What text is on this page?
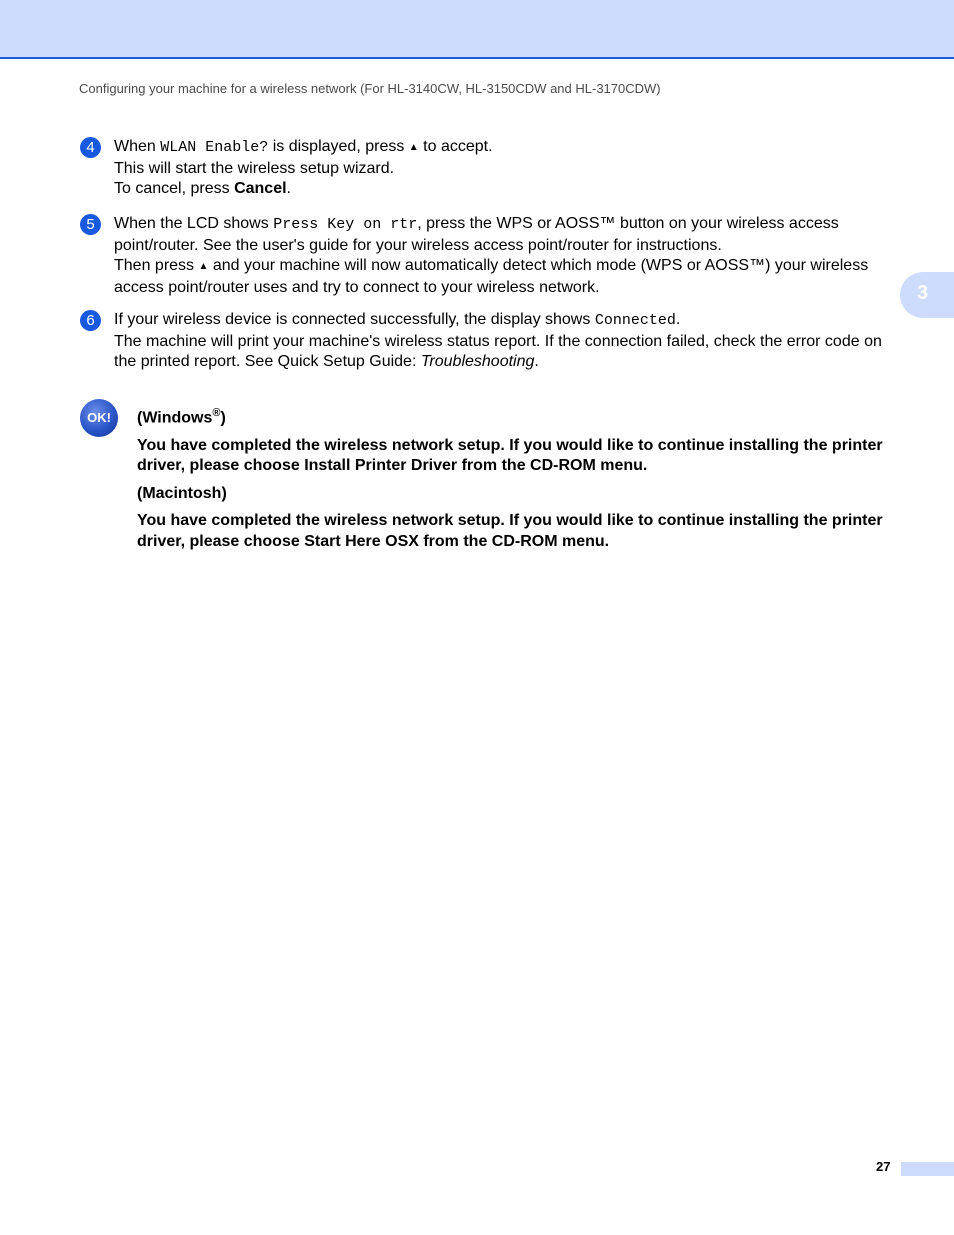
Configuring your machine for a wireless network (For HL-3140CW, HL-3150CDW and HL-3170CDW)
3
4	When WLAN Enable? is displayed, press ▲ to accept.
This will start the wireless setup wizard.
To cancel, press Cancel.
5	When the LCD shows Press Key on rtr, press the WPS or AOSS™ button on your wireless access point/router. See the user's guide for your wireless access point/router for instructions.
Then press ▲ and your machine will now automatically detect which mode (WPS or AOSS™) your wireless access point/router uses and try to connect to your wireless network.
6	If your wireless device is connected successfully, the display shows Connected.
The machine will print your machine's wireless status report. If the connection failed, check the error code on the printed report. See Quick Setup Guide: Troubleshooting.
OK!	(Windows®)

You have completed the wireless network setup. If you would like to continue installing the printer driver, please choose Install Printer Driver from the CD-ROM menu.

(Macintosh)

You have completed the wireless network setup. If you would like to continue installing the printer driver, please choose Start Here OSX from the CD-ROM menu.

27
